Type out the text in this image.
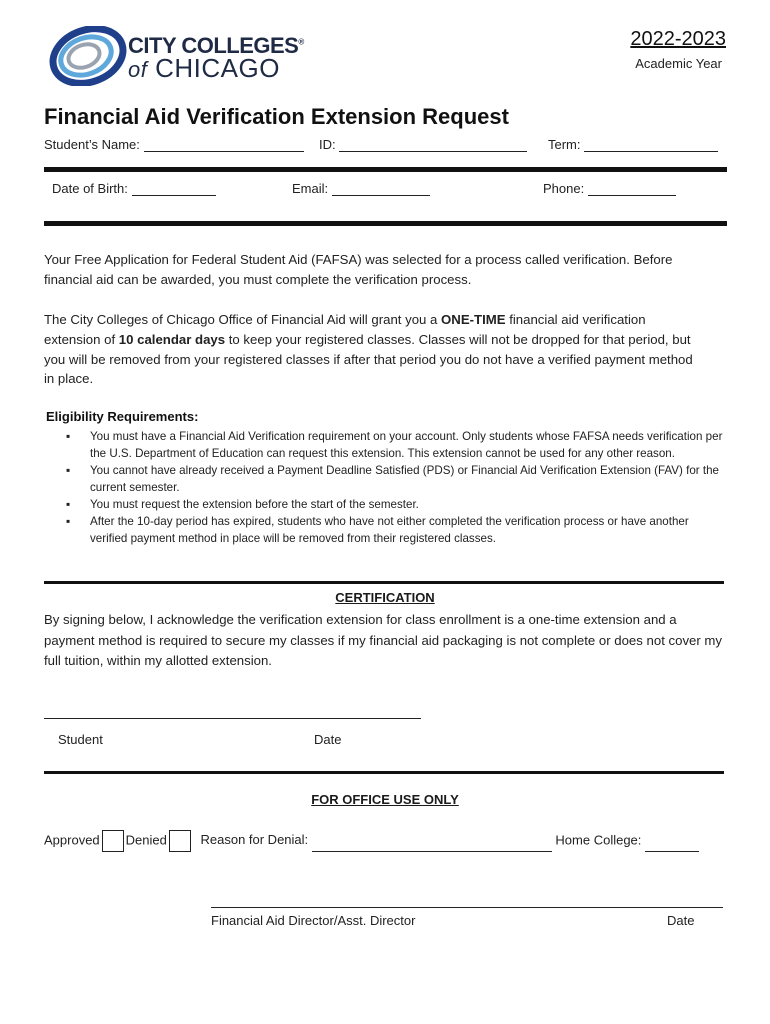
CITY COLLEGES®
of CHICAGO
2022-2023
Academic Year
Financial Aid Verification Extension Request
Student’s Name:	ID:	Term:
Date of Birth:	Email:	Phone:
Your Free Application for Federal Student Aid (FAFSA) was selected for a process called verification. Before financial aid can be awarded, you must complete the verification process.
The City Colleges of Chicago Office of Financial Aid will grant you a ONE-TIME financial aid verification extension of 10 calendar days to keep your registered classes. Classes will not be dropped for that period, but you will be removed from your registered classes if after that period you do not have a verified payment method in place.
Eligibility Requirements:
▪ You must have a Financial Aid Verification requirement on your account. Only students whose FAFSA needs verification per the U.S. Department of Education can request this extension. This extension cannot be used for any other reason.
▪ You cannot have already received a Payment Deadline Satisfied (PDS) or Financial Aid Verification Extension (FAV) for the current semester.
▪ You must request the extension before the start of the semester.
▪ After the 10-day period has expired, students who have not either completed the verification process or have another verified payment method in place will be removed from their registered classes.
CERTIFICATION
By signing below, I acknowledge the verification extension for class enrollment is a one-time extension and a payment method is required to secure my classes if my financial aid packaging is not complete or does not cover my full tuition, within my allotted extension.
Student	Date
FOR OFFICE USE ONLY
Approved Denied	Reason for Denial:	Home College:
Financial Aid Director/Asst. Director	Date
